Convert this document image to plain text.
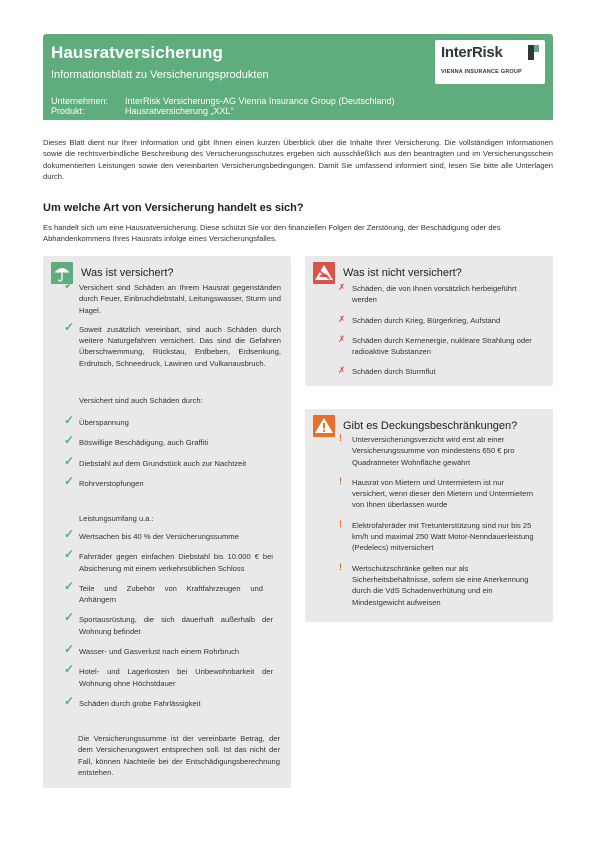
Hausratversicherung
Informationsblatt zu Versicherungsprodukten
Unternehmen:	InterRisk Versicherungs-AG Vienna Insurance Group (Deutschland)
Produkt:	Hausratversicherung „XXL“
InterRisk
VIENNA INSURANCE GROUP
Dieses Blatt dient nur Ihrer Information und gibt Ihnen einen kurzen Überblick über die Inhalte Ihrer Versicherung. Die vollständigen Informationen sowie die rechtsverbindliche Beschreibung des Versicherungsschutzes ergeben sich ausschließlich aus den beantragten und im Versicherungsschein dokumentierten Leistungen sowie den vereinbarten Versicherungsbedingungen. Damit Sie umfassend informiert sind, lesen Sie bitte alle Unterlagen durch.
Um welche Art von Versicherung handelt es sich?
Es handelt sich um eine Hausratversicherung. Diese schützt Sie vor den finanziellen Folgen der Zerstörung, der Beschädigung oder des Abhandenkommens Ihres Hausrats infolge eines Versicherungsfalles.
Was ist versichert?
✓ Versichert sind Schäden an Ihrem Hausrat gegenständen durch Feuer, Einbruchdiebstahl, Leitungswasser, Sturm und Hagel.
✓ Soweit zusätzlich vereinbart, sind auch Schäden durch weitere Naturgefahren versichert. Das sind die Gefahren Überschwemmung, Rückstau, Erdbeben, Erdsenkung, Erdrutsch, Schneedruck, Lawinen und Vulkanausbruch.
Versichert sind auch Schäden durch:
✓ Überspannung
✓ Böswillige Beschädigung, auch Graffiti
✓ Diebstahl auf dem Grundstück auch zur Nachtzeit
✓ Rohrverstopfungen
Leistungsumfang u.a.:
✓ Wertsachen bis 40 % der Versicherungssumme
✓ Fahrräder gegen einfachen Diebstahl bis 10.000 € bei Absicherung mit einem verkehrsüblichen Schloss
✓ Teile und Zubehör von Kraftfahrzeugen und Anhängern
✓ Sportausrüstung, die sich dauerhaft außerhalb der Wohnung befindet
✓ Wasser- und Gasverlust nach einem Rohrbruch
✓ Hotel- und Lagerkosten bei Unbewohnbarkeit der Wohnung ohne Höchstdauer
✓ Schäden durch grobe Fahrlässigkeit
Die Versicherungssumme ist der vereinbarte Betrag, der dem Versicherungswert entsprechen soll. Ist das nicht der Fall, können Nachteile bei der Entschädigungsberechnung entstehen.
Was ist nicht versichert?
✗ Schäden, die von Ihnen vorsätzlich herbeigeführt werden
✗ Schäden durch Krieg, Bürgerkrieg, Aufstand
✗ Schäden durch Kernenergie, nukleare Strahlung oder radioaktive Substanzen
✗ Schäden durch Sturmflut
Gibt es Deckungsbeschränkungen?
! Unterversicherungsverzicht wird erst ab einer Versicherungssumme von mindestens 650 € pro Quadratmeter Wohnfläche gewährt
! Hausrat von Mietern und Untermietern ist nur versichert, wenn dieser den Mietern und Untermietern von Ihnen überlassen wurde
! Elektrofahrräder mit Tretunterstützung sind nur bis 25 km/h und maximal 250 Watt Motor-Nenndauerleistung (Pedelecs) mitversichert
! Wertschutzschränke gelten nur als Sicherheitsbehältnisse, sofern sie eine Anerkennung durch die VdS Schadenverhütung und ein Mindestgewicht aufweisen
